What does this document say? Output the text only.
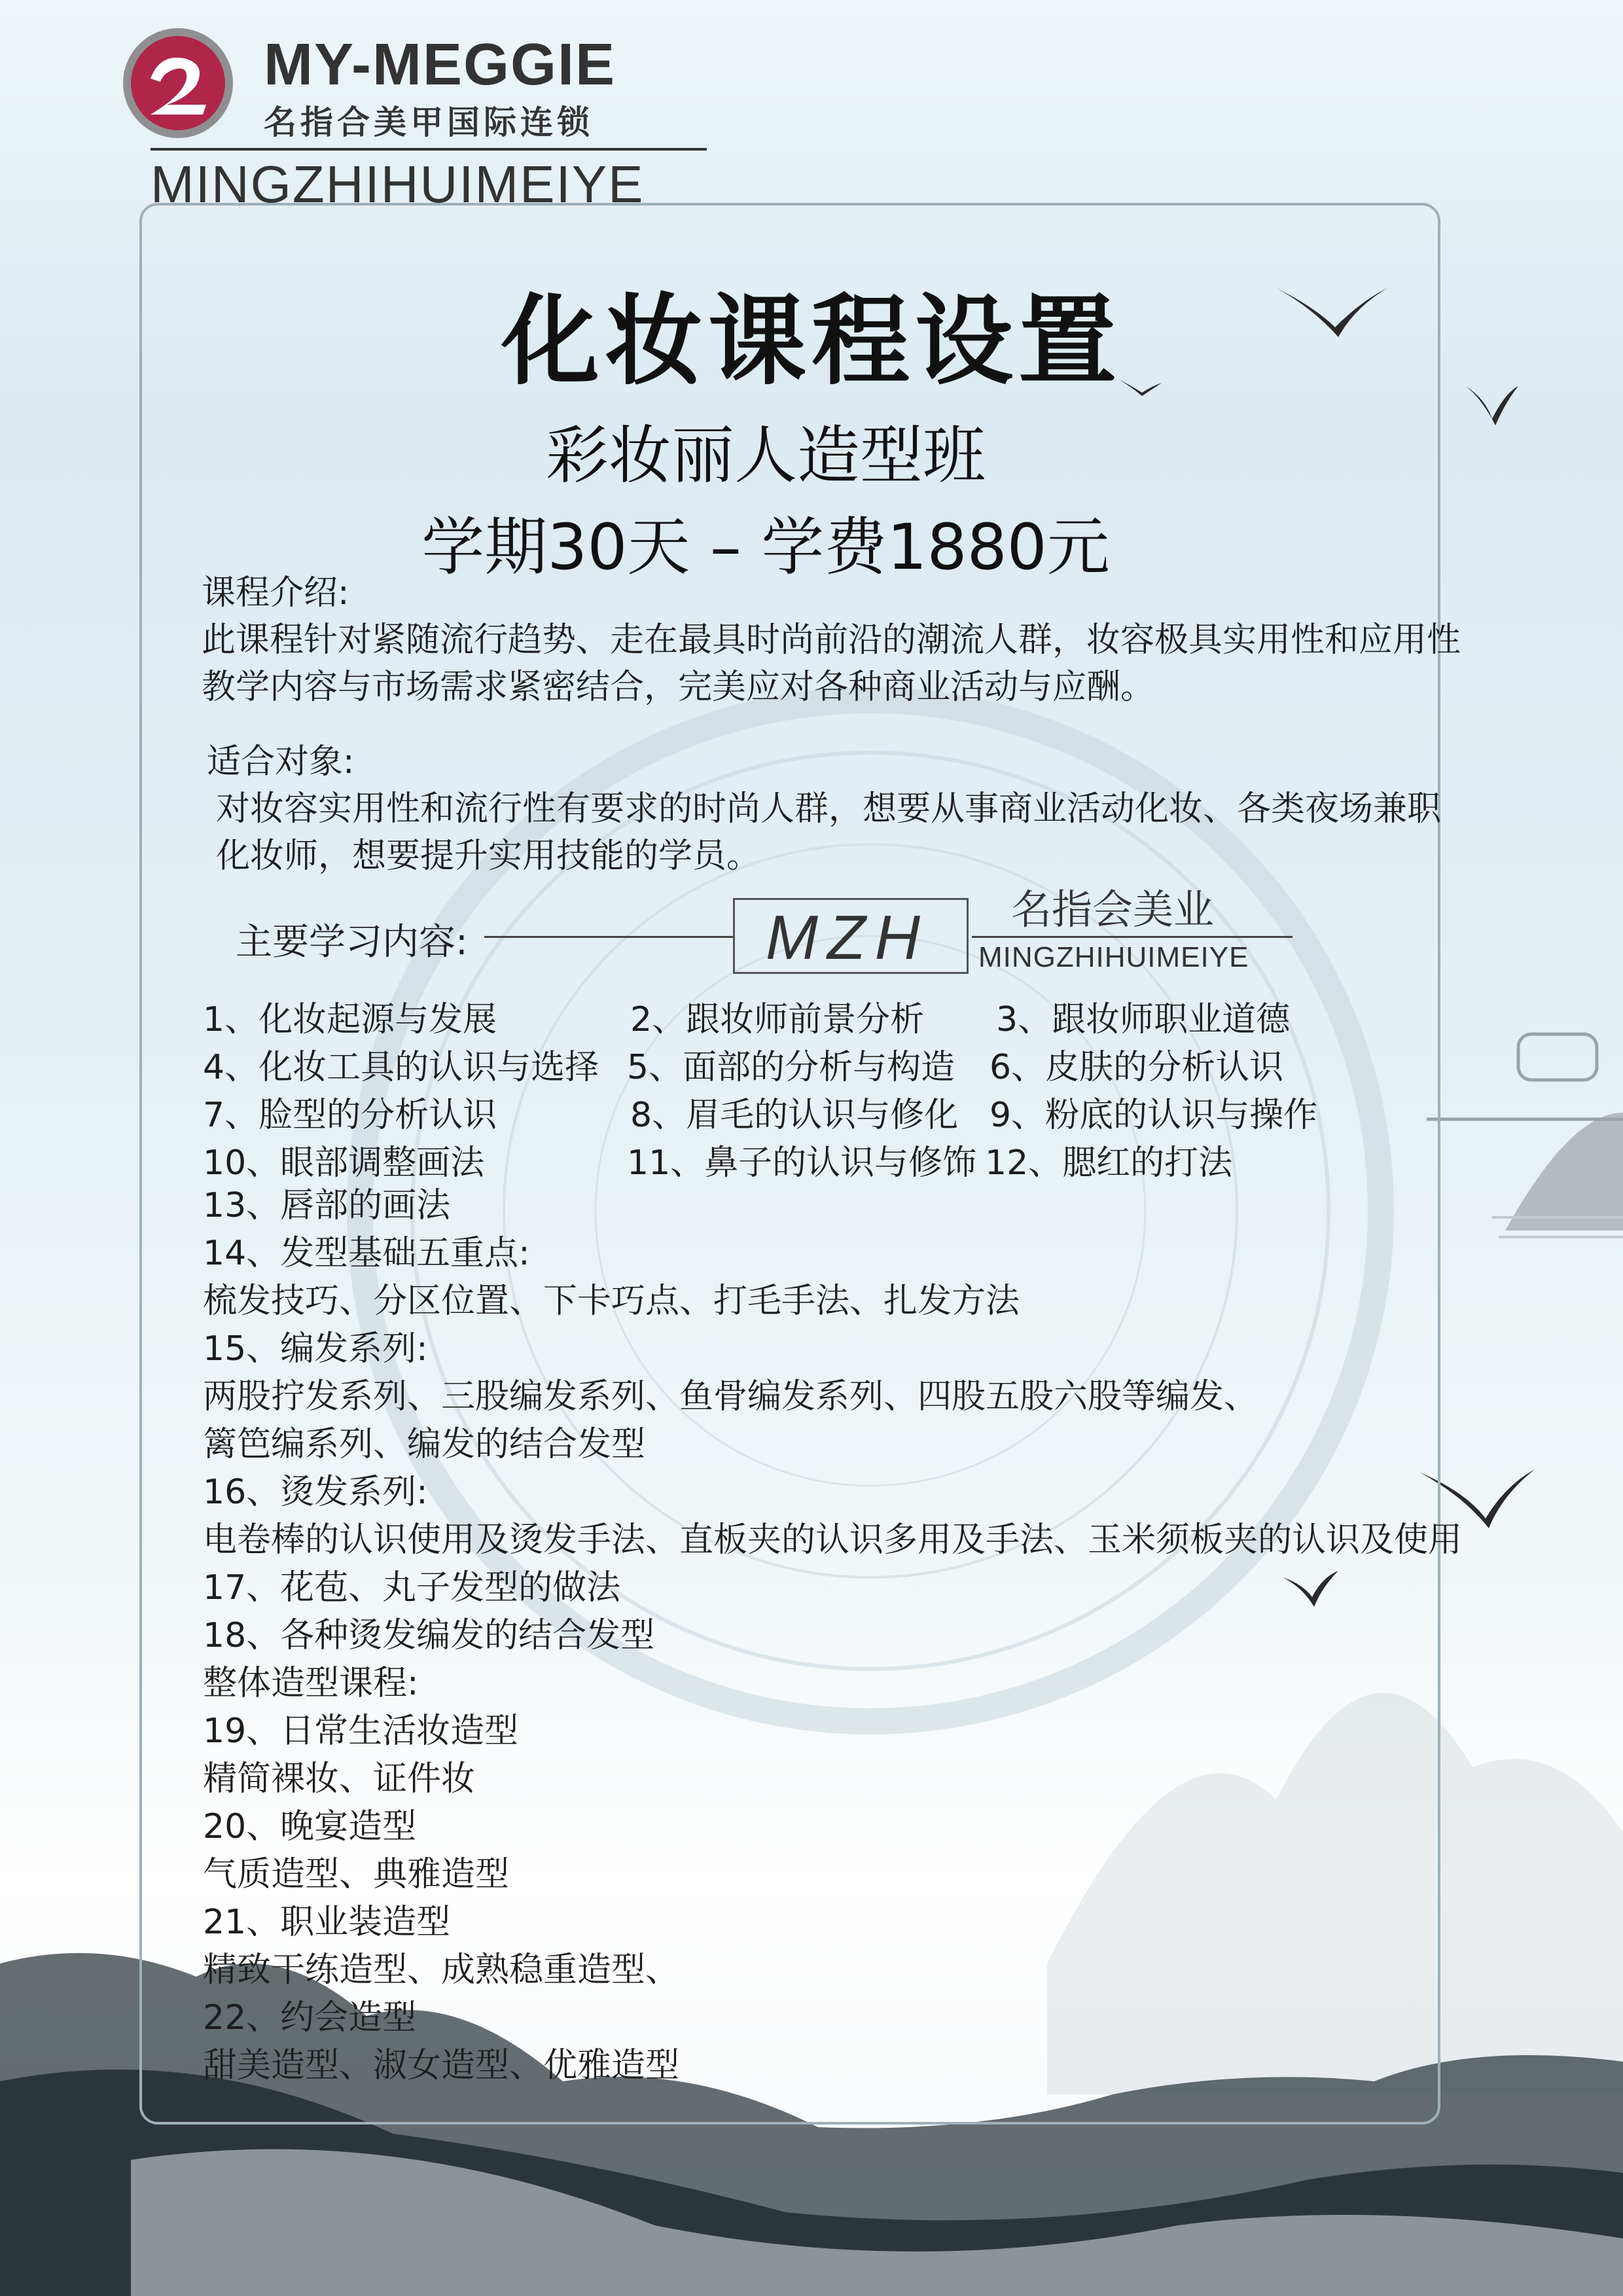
MY-MEGGIE
名指合美甲国际连锁
MINGZHIHUIMEIYE
化妆课程设置
彩妆丽人造型班
学期30天 – 学费1880元
课程介绍:
此课程针对紧随流行趋势、走在最具时尚前沿的潮流人群，妆容极具实用性和应用性
教学内容与市场需求紧密结合，完美应对各种商业活动与应酬。
适合对象:
对妆容实用性和流行性有要求的时尚人群，想要从事商业活动化妆、各类夜场兼职
化妆师，想要提升实用技能的学员。
主要学习内容:	MZH 名指会美业
MINGZHIHUIMEIYE
1、化妆起源与发展	2、跟妆师前景分析 3、跟妆师职业道德
4、化妆工具的认识与选择 5、面部的分析与构造 6、皮肤的分析认识
7、脸型的分析认识	8、眉毛的认识与修化 9、粉底的认识与操作
10、眼部调整画法	11、鼻子的认识与修饰 12、腮红的打法
13、唇部的画法
14、发型基础五重点:
梳发技巧、分区位置、下卡巧点、打毛手法、扎发方法
15、编发系列:
两股拧发系列、三股编发系列、鱼骨编发系列、四股五股六股等编发、
篱笆编系列、编发的结合发型
16、烫发系列:
电卷棒的认识使用及烫发手法、直板夹的认识多用及手法、玉米须板夹的认识及使用
17、花苞、丸子发型的做法
18、各种烫发编发的结合发型
整体造型课程:
19、日常生活妆造型
精简裸妆、证件妆
20、晚宴造型
气质造型、典雅造型
21、职业装造型
精致干练造型、成熟稳重造型、
22、约会造型
甜美造型、淑女造型、优雅造型
